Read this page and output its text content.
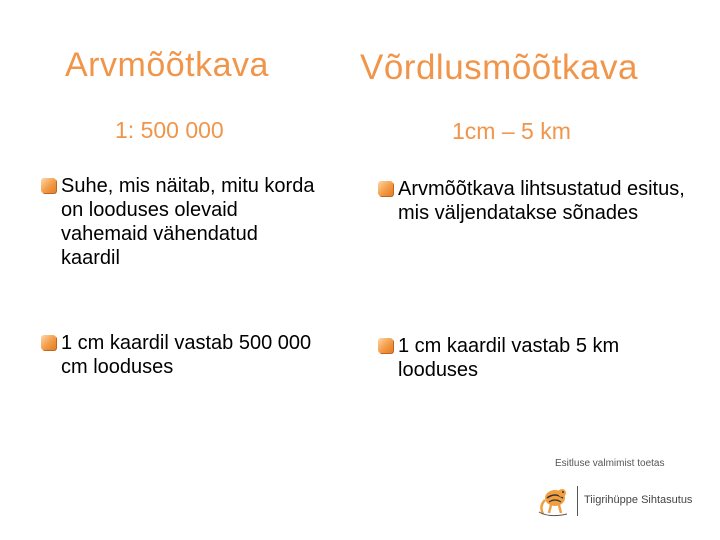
Arvmõõtkava	Võrdlusmõõtkava
1: 500 000	1cm – 5 km
Suhe, mis näitab, mitu korda on looduses olevaid vahemaid vähendatud kaardil
1 cm kaardil vastab 500 000 cm looduses
Arvmõõtkava lihtsustatud esitus, mis väljendatakse sõnades
1 cm kaardil vastab 5 km looduses
Esitluse valmimist toetas
Tiigrihüppe Sihtasutus
